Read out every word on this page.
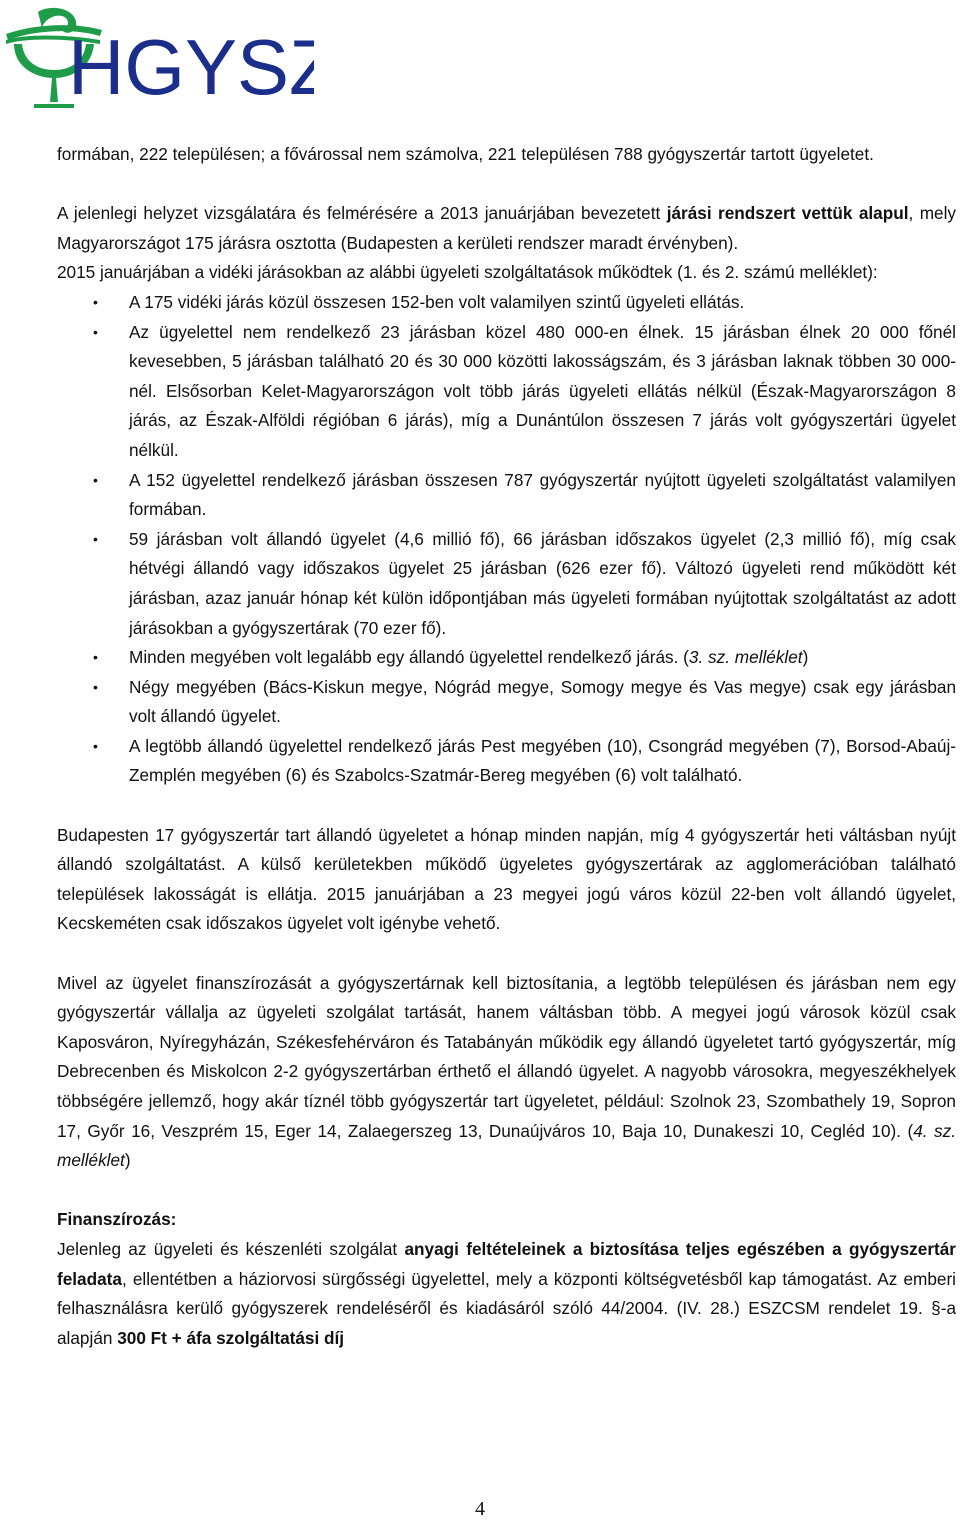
HGYSZ

formában, 222 településen; a fővárossal nem számolva, 221 településen 788 gyógyszertár tartott ügyeletet.

A jelenlegi helyzet vizsgálatára és felmérésére a 2013 januárjában bevezetett járási rendszert vettük alapul, mely Magyarországot 175 járásra osztotta (Budapesten a kerületi rendszer maradt érvényben).

2015 januárjában a vidéki járásokban az alábbi ügyeleti szolgáltatások működtek (1. és 2. számú melléklet):

• A 175 vidéki járás közül összesen 152-ben volt valamilyen szintű ügyeleti ellátás.
• Az ügyelettel nem rendelkező 23 járásban közel 480 000-en élnek. 15 járásban élnek 20 000 főnél kevesebben, 5 járásban található 20 és 30 000 közötti lakosságszám, és 3 járásban laknak többen 30 000-nél. Elsősorban Kelet-Magyarországon volt több járás ügyeleti ellátás nélkül (Észak-Magyarországon 8 járás, az Észak-Alföldi régióban 6 járás), míg a Dunántúlon összesen 7 járás volt gyógyszertári ügyelet nélkül.
• A 152 ügyelettel rendelkező járásban összesen 787 gyógyszertár nyújtott ügyeleti szolgáltatást valamilyen formában.
• 59 járásban volt állandó ügyelet (4,6 millió fő), 66 járásban időszakos ügyelet (2,3 millió fő), míg csak hétvégi állandó vagy időszakos ügyelet 25 járásban (626 ezer fő). Változó ügyeleti rend működött két járásban, azaz január hónap két külön időpontjában más ügyeleti formában nyújtottak szolgáltatást az adott járásokban a gyógyszertárak (70 ezer fő).
• Minden megyében volt legalább egy állandó ügyelettel rendelkező járás. (3. sz. melléklet)
• Négy megyében (Bács-Kiskun megye, Nógrád megye, Somogy megye és Vas megye) csak egy járásban volt állandó ügyelet.
• A legtöbb állandó ügyelettel rendelkező járás Pest megyében (10), Csongrád megyében (7), Borsod-Abaúj-Zemplén megyében (6) és Szabolcs-Szatmár-Bereg megyében (6) volt található.

Budapesten 17 gyógyszertár tart állandó ügyeletet a hónap minden napján, míg 4 gyógyszertár heti váltásban nyújt állandó szolgáltatást. A külső kerületekben működő ügyeletes gyógyszertárak az agglomerációban található települések lakosságát is ellátja. 2015 januárjában a 23 megyei jogú város közül 22-ben volt állandó ügyelet, Kecskeméten csak időszakos ügyelet volt igénybe vehető.

Mivel az ügyelet finanszírozását a gyógyszertárnak kell biztosítania, a legtöbb településen és járásban nem egy gyógyszertár vállalja az ügyeleti szolgálat tartását, hanem váltásban több. A megyei jogú városok közül csak Kaposváron, Nyíregyházán, Székesfehérváron és Tatabányán működik egy állandó ügyeletet tartó gyógyszertár, míg Debrecenben és Miskolcon 2-2 gyógyszertárban érthető el állandó ügyelet. A nagyobb városokra, megyeszékhelyek többségére jellemző, hogy akár tíznél több gyógyszertár tart ügyeletet, például: Szolnok 23, Szombathely 19, Sopron 17, Győr 16, Veszprém 15, Eger 14, Zalaegerszeg 13, Dunaújváros 10, Baja 10, Dunakeszi 10, Cegléd 10). (4. sz. melléklet)

Finanszírozás:

Jelenleg az ügyeleti és készenléti szolgálat anyagi feltételeinek a biztosítása teljes egészében a gyógyszertár feladata, ellentétben a háziorvosi sürgősségi ügyelettel, mely a központi költségvetésből kap támogatást. Az emberi felhasználásra kerülő gyógyszerek rendeléséről és kiadásáról szóló 44/2004. (IV. 28.) ESZCSM rendelet 19. §-a alapján 300 Ft + áfa szolgáltatási díj

4
